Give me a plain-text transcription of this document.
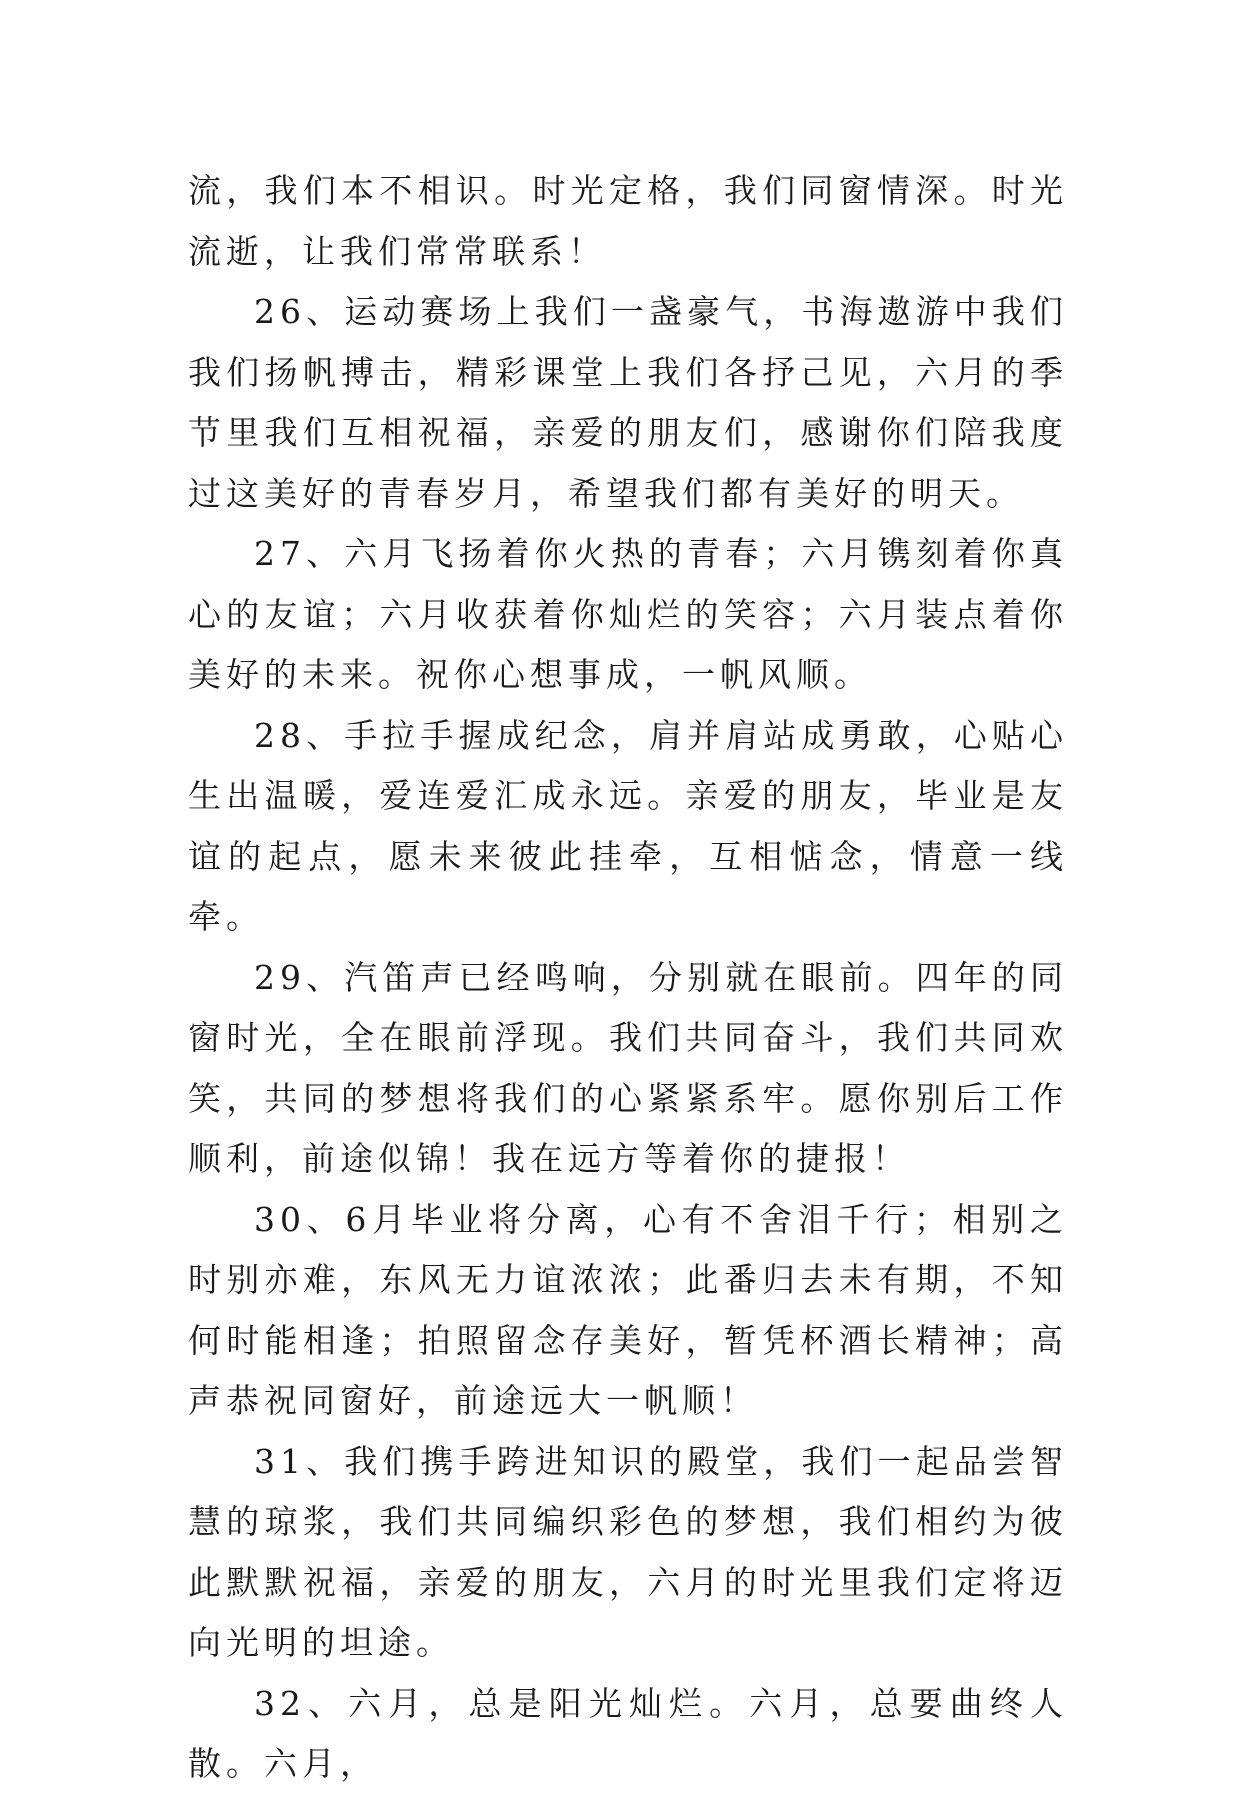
流，我们本不相识。时光定格，我们同窗情深。时光流逝，让我们常常联系！

26、运动赛场上我们一盏豪气，书海遨游中我们我们扬帆搏击，精彩课堂上我们各抒己见，六月的季节里我们互相祝福，亲爱的朋友们，感谢你们陪我度过这美好的青春岁月，希望我们都有美好的明天。

27、六月飞扬着你火热的青春；六月镌刻着你真心的友谊；六月收获着你灿烂的笑容；六月装点着你美好的未来。祝你心想事成，一帆风顺。

28、手拉手握成纪念，肩并肩站成勇敢，心贴心生出温暖，爱连爱汇成永远。亲爱的朋友，毕业是友谊的起点，愿未来彼此挂牵，互相惦念，情意一线牵。

29、汽笛声已经鸣响，分别就在眼前。四年的同窗时光，全在眼前浮现。我们共同奋斗，我们共同欢笑，共同的梦想将我们的心紧紧系牢。愿你别后工作顺利，前途似锦！我在远方等着你的捷报！

30、6月毕业将分离，心有不舍泪千行；相别之时别亦难，东风无力谊浓浓；此番归去未有期，不知何时能相逢；拍照留念存美好，暂凭杯酒长精神；高声恭祝同窗好，前途远大一帆顺！

31、我们携手跨进知识的殿堂，我们一起品尝智慧的琼浆，我们共同编织彩色的梦想，我们相约为彼此默默祝福，亲爱的朋友，六月的时光里我们定将迈向光明的坦途。

32、六月，总是阳光灿烂。六月，总要曲终人散。六月，
